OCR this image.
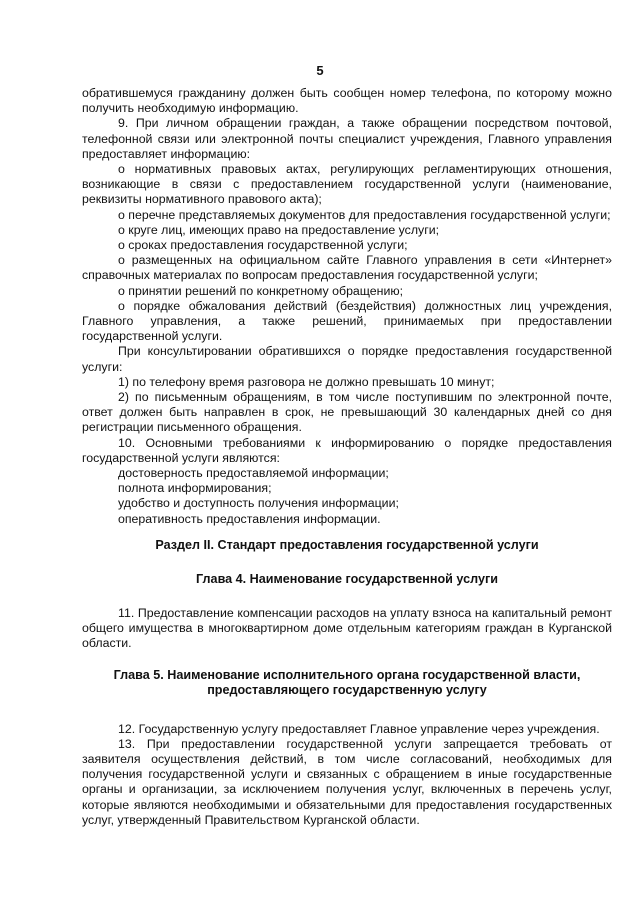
5

обратившемуся гражданину должен быть сообщен номер телефона, по которому можно получить необходимую информацию.

9. При личном обращении граждан, а также обращении посредством почтовой, телефонной связи или электронной почты специалист учреждения, Главного управления предоставляет информацию:

о нормативных правовых актах, регулирующих регламентирующих отношения, возникающие в связи с предоставлением государственной услуги (наименование, реквизиты нормативного правового акта);

о перечне представляемых документов для предоставления государственной услуги;

о круге лиц, имеющих право на предоставление услуги;

о сроках предоставления государственной услуги;

о размещенных на официальном сайте Главного управления в сети «Интернет» справочных материалах по вопросам предоставления государственной услуги;

о принятии решений по конкретному обращению;

о порядке обжалования действий (бездействия) должностных лиц учреждения, Главного управления, а также решений, принимаемых при предоставлении государственной услуги.

При консультировании обратившихся о порядке предоставления государственной услуги:

1) по телефону время разговора не должно превышать 10 минут;

2) по письменным обращениям, в том числе поступившим по электронной почте, ответ должен быть направлен в срок, не превышающий 30 календарных дней со дня регистрации письменного обращения.

10. Основными требованиями к информированию о порядке предоставления государственной услуги являются:

достоверность предоставляемой информации;

полнота информирования;

удобство и доступность получения информации;

оперативность предоставления информации.

Раздел II. Стандарт предоставления государственной услуги

Глава 4. Наименование государственной услуги

11. Предоставление компенсации расходов на уплату взноса на капитальный ремонт общего имущества в многоквартирном доме отдельным категориям граждан в Курганской области.

Глава 5. Наименование исполнительного органа государственной власти, предоставляющего государственную услугу

12. Государственную услугу предоставляет Главное управление через учреждения.

13. При предоставлении государственной услуги запрещается требовать от заявителя осуществления действий, в том числе согласований, необходимых для получения государственной услуги и связанных с обращением в иные государственные органы и организации, за исключением получения услуг, включенных в перечень услуг, которые являются необходимыми и обязательными для предоставления государственных услуг, утвержденный Правительством Курганской области.
